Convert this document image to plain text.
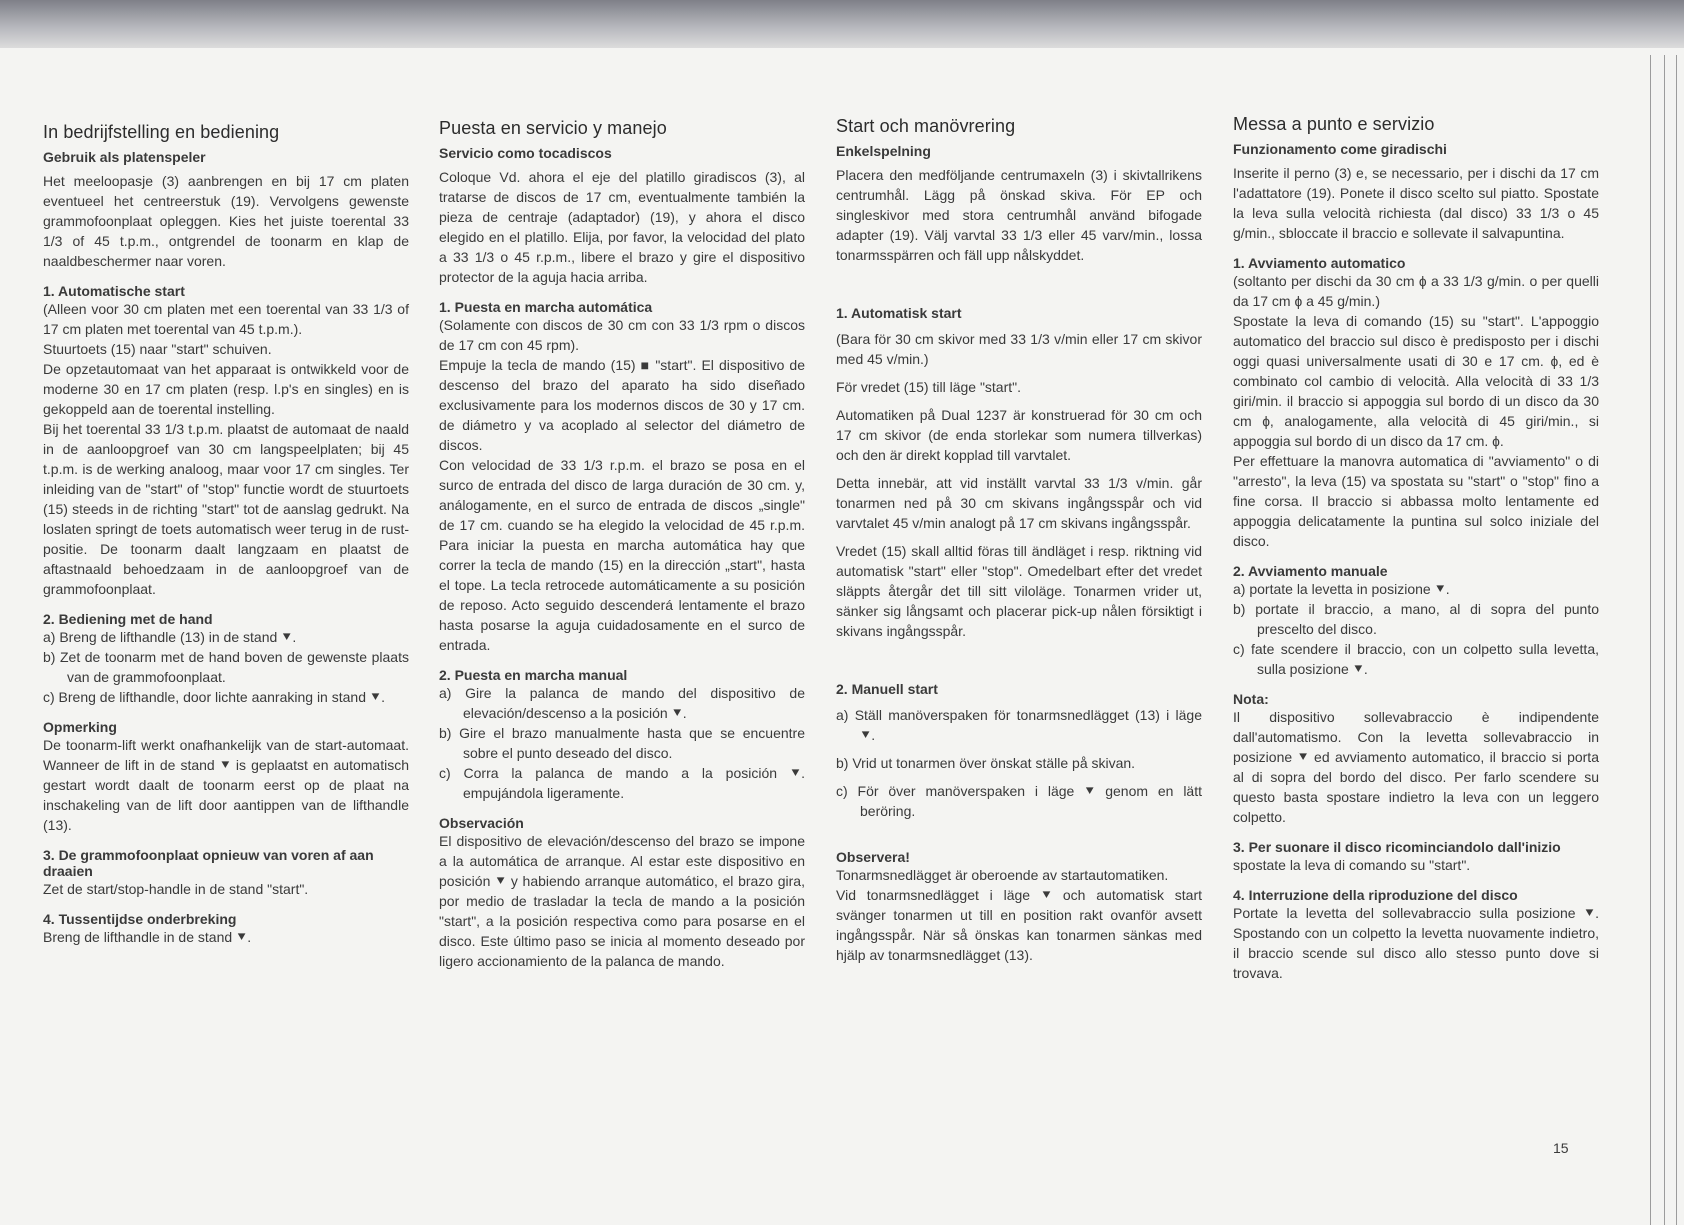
In bedrijfstelling en bediening
Gebruik als platenspeler

Het meeloopasje (3) aanbrengen en bij 17 cm platen eventueel het centreerstuk (19). Vervolgens gewenste grammofoonplaat opleggen. Kies het juiste toerental 33 1/3 of 45 t.p.m., ontgrendel de toonarm en klap de naaldbeschermer naar voren.

1. Automatische start

(Alleen voor 30 cm platen met een toerental van 33 1/3 of 17 cm platen met toerental van 45 t.p.m.).

Stuurtoets (15) naar "start" schuiven.

De opzetautomaat van het apparaat is ontwikkeld voor de moderne 30 en 17 cm platen (resp. l.p's en singles) en is gekoppeld aan de toerental instelling.

Bij het toerental 33 1/3 t.p.m. plaatst de automaat de naald in de aanloopgroef van 30 cm langspeelplaten; bij 45 t.p.m. is de werking analoog, maar voor 17 cm singles. Ter inleiding van de "start" of "stop" functie wordt de stuurtoets (15) steeds in de richting "start" tot de aanslag gedrukt. Na loslaten springt de toets automatisch weer terug in de rust-positie. De toonarm daalt langzaam en plaatst de aftastnaald behoedzaam in de aanloopgroef van de grammofoonplaat.

2. Bediening met de hand

a) Breng de lifthandle (13) in de stand ⯆.

b) Zet de toonarm met de hand boven de gewenste plaats van de grammofoonplaat.

c) Breng de lifthandle, door lichte aanraking in stand ⯆.

Opmerking

De toonarm-lift werkt onafhankelijk van de start-automaat. Wanneer de lift in de stand ⯆ is geplaatst en automatisch gestart wordt daalt de toonarm eerst op de plaat na inschakeling van de lift door aantippen van de lifthandle (13).

3. De grammofoonplaat opnieuw van voren af aan draaien

Zet de start/stop-handle in de stand "start".

4. Tussentijdse onderbreking

Breng de lifthandle in de stand ⯆.

Puesta en servicio y manejo
Servicio como tocadiscos

Coloque Vd. ahora el eje del platillo giradiscos (3), al tratarse de discos de 17 cm, eventualmente también la pieza de centraje (adaptador) (19), y ahora el disco elegido en el platillo. Elija, por favor, la velocidad del plato a 33 1/3 o 45 r.p.m., libere el brazo y gire el dispositivo protector de la aguja hacia arriba.

1. Puesta en marcha automática

(Solamente con discos de 30 cm con 33 1/3 rpm o discos de 17 cm con 45 rpm).

Empuje la tecla de mando (15) ■ "start". El dispositivo de descenso del brazo del aparato ha sido diseñado exclusivamente para los modernos discos de 30 y 17 cm. de diámetro y va acoplado al selector del diámetro de discos.

Con velocidad de 33 1/3 r.p.m. el brazo se posa en el surco de entrada del disco de larga duración de 30 cm. y, análogamente, en el surco de entrada de discos „single" de 17 cm. cuando se ha elegido la velocidad de 45 r.p.m. Para iniciar la puesta en marcha automática hay que correr la tecla de mando (15) en la dirección „start", hasta el tope. La tecla retrocede automáticamente a su posición de reposo. Acto seguido descenderá lentamente el brazo hasta posarse la aguja cuidadosamente en el surco de entrada.

2. Puesta en marcha manual

a) Gire la palanca de mando del dispositivo de elevación/descenso a la posición ⯆.

b) Gire el brazo manualmente hasta que se encuentre sobre el punto deseado del disco.

c) Corra la palanca de mando a la posición ⯆. empujándola ligeramente.

Observación

El dispositivo de elevación/descenso del brazo se impone a la automática de arranque. Al estar este dispositivo en posición ⯆ y habiendo arranque automático, el brazo gira, por medio de trasladar la tecla de mando a la posición "start", a la posición respectiva como para posarse en el disco. Este último paso se inicia al momento deseado por ligero accionamiento de la palanca de mando.

Start och manövrering
Enkelspelning

Placera den medföljande centrumaxeln (3) i skivtallrikens centrumhål. Lägg på önskad skiva. För EP och singleskivor med stora centrumhål använd bifogade adapter (19). Välj varvtal 33 1/3 eller 45 varv/min., lossa tonarmsspärren och fäll upp nålskyddet.

1. Automatisk start

(Bara för 30 cm skivor med 33 1/3 v/min eller 17 cm skivor med 45 v/min.)

För vredet (15) till läge "start".

Automatiken på Dual 1237 är konstruerad för 30 cm och 17 cm skivor (de enda storlekar som numera tillverkas) och den är direkt kopplad till varvtalet.

Detta innebär, att vid inställt varvtal 33 1/3 v/min. går tonarmen ned på 30 cm skivans ingångsspår och vid varvtalet 45 v/min analogt på 17 cm skivans ingångsspår.

Vredet (15) skall alltid föras till ändläget i resp. riktning vid automatisk "start" eller "stop". Omedelbart efter det vredet släppts återgår det till sitt viloläge. Tonarmen vrider ut, sänker sig långsamt och placerar pick-up nålen försiktigt i skivans ingångsspår.

2. Manuell start

a) Ställ manöverspaken för tonarmsnedlägget (13) i läge ⯆.

b) Vrid ut tonarmen över önskat ställe på skivan.

c) För över manöverspaken i läge ⯆ genom en lätt beröring.

Observera!

Tonarmsnedlägget är oberoende av startautomatiken.

Vid tonarmsnedlägget i läge ⯆ och automatisk start svänger tonarmen ut till en position rakt ovanför avsett ingångsspår. När så önskas kan tonarmen sänkas med hjälp av tonarmsnedlägget (13).

Messa a punto e servizio
Funzionamento come giradischi

Inserite il perno (3) e, se necessario, per i dischi da 17 cm l'adattatore (19). Ponete il disco scelto sul piatto. Spostate la leva sulla velocità richiesta (dal disco) 33 1/3 o 45 g/min., sbloccate il braccio e sollevate il salvapuntina.

1. Avviamento automatico

(soltanto per dischi da 30 cm ɸ a 33 1/3 g/min. o per quelli da 17 cm ɸ a 45 g/min.)

Spostate la leva di comando (15) su "start". L'appoggio automatico del braccio sul disco è predisposto per i dischi oggi quasi universalmente usati di 30 e 17 cm. ɸ, ed è combinato col cambio di velocità. Alla velocità di 33 1/3 giri/min. il braccio si appoggia sul bordo di un disco da 30 cm ɸ, analogamente, alla velocità di 45 giri/min., si appoggia sul bordo di un disco da 17 cm. ɸ.

Per effettuare la manovra automatica di "avviamento" o di "arresto", la leva (15) va spostata su "start" o "stop" fino a fine corsa. Il braccio si abbassa molto lentamente ed appoggia delicatamente la puntina sul solco iniziale del disco.

2. Avviamento manuale

a) portate la levetta in posizione ⯆.

b) portate il braccio, a mano, al di sopra del punto prescelto del disco.

c) fate scendere il braccio, con un colpetto sulla levetta, sulla posizione ⯆.

Nota:

Il dispositivo sollevabraccio è indipendente dall'automatismo. Con la levetta sollevabraccio in posizione ⯆ ed avviamento automatico, il braccio si porta al di sopra del bordo del disco. Per farlo scendere su questo basta spostare indietro la leva con un leggero colpetto.

3. Per suonare il disco ricominciandolo dall'inizio

spostate la leva di comando su "start".

4. Interruzione della riproduzione del disco

Portate la levetta del sollevabraccio sulla posizione ⯆. Spostando con un colpetto la levetta nuovamente indietro, il braccio scende sul disco allo stesso punto dove si trovava.

15
